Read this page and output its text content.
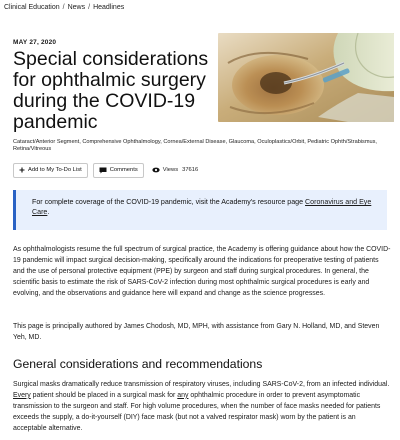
Clinical Education / News / Headlines
MAY 27, 2020
Special considerations for ophthalmic surgery during the COVID-19 pandemic
Cataract/Anterior Segment, Comprehensive Ophthalmology, Cornea/External Disease, Glaucoma, Oculoplastics/Orbit, Pediatric Ophth/Strabismus, Retina/Vitreous
Add to My To-Do List	Comments	Views 37616
For complete coverage of the COVID-19 pandemic, visit the Academy's resource page Coronavirus and Eye Care.

As ophthalmologists resume the full spectrum of surgical practice, the Academy is offering guidance about how the COVID-19 pandemic will impact surgical decision-making, specifically around the indications for preoperative testing of patients and the use of personal protective equipment (PPE) by surgeon and staff during surgical procedures. In general, the scientific basis to estimate the risk of SARS-CoV-2 infection during most ophthalmic surgical procedures is early and evolving, and the observations and guidance here will expand and change as the science progresses.

This page is principally authored by James Chodosh, MD, MPH, with assistance from Gary N. Holland, MD, and Steven Yeh, MD.

General considerations and recommendations

Surgical masks dramatically reduce transmission of respiratory viruses, including SARS-CoV-2, from an infected individual. Every patient should be placed in a surgical mask for any ophthalmic procedure in order to prevent asymptomatic transmission to the surgeon and staff. For high volume procedures, when the number of face masks needed for patients exceeds the supply, a do-it-yourself (DIY) face mask (but not a valved respirator mask) worn by the patient is an acceptable alternative.
